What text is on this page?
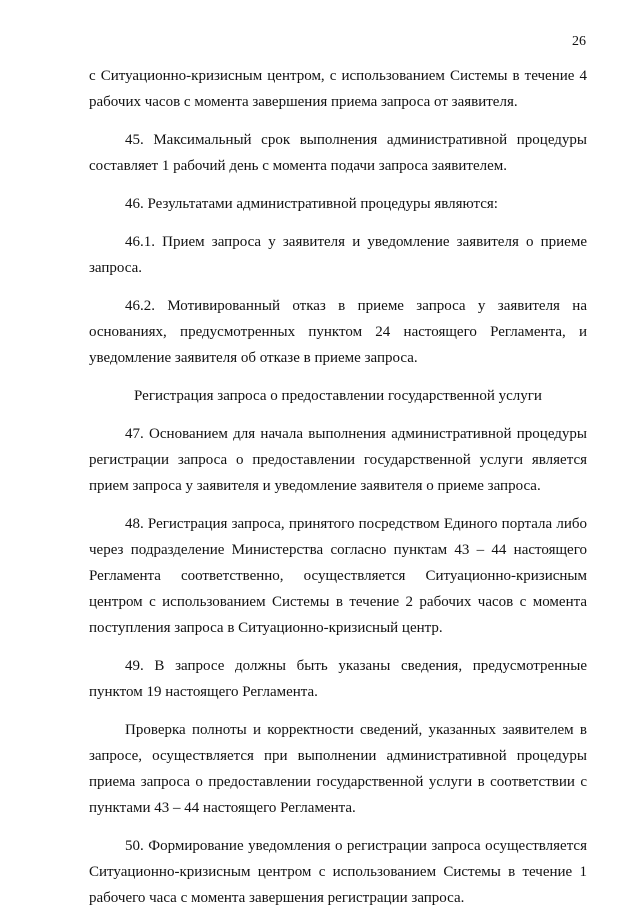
26

с Ситуационно-кризисным центром, с использованием Системы в течение 4 рабочих часов с момента завершения приема запроса от заявителя.

45. Максимальный срок выполнения административной процедуры составляет 1 рабочий день с момента подачи запроса заявителем.

46. Результатами административной процедуры являются:

46.1. Прием запроса у заявителя и уведомление заявителя о приеме запроса.

46.2. Мотивированный отказ в приеме запроса у заявителя на основаниях, предусмотренных пунктом 24 настоящего Регламента, и уведомление заявителя об отказе в приеме запроса.

Регистрация запроса о предоставлении государственной услуги

47. Основанием для начала выполнения административной процедуры регистрации запроса о предоставлении государственной услуги является прием запроса у заявителя и уведомление заявителя о приеме запроса.

48. Регистрация запроса, принятого посредством Единого портала либо через подразделение Министерства согласно пунктам 43 – 44 настоящего Регламента соответственно, осуществляется Ситуационно-кризисным центром с использованием Системы в течение 2 рабочих часов с момента поступления запроса в Ситуационно-кризисный центр.

49. В запросе должны быть указаны сведения, предусмотренные пунктом 19 настоящего Регламента.

Проверка полноты и корректности сведений, указанных заявителем в запросе, осуществляется при выполнении административной процедуры приема запроса о предоставлении государственной услуги в соответствии с пунктами 43 – 44 настоящего Регламента.

50. Формирование уведомления о регистрации запроса осуществляется Ситуационно-кризисным центром с использованием Системы в течение 1 рабочего часа с момента завершения регистрации запроса.
